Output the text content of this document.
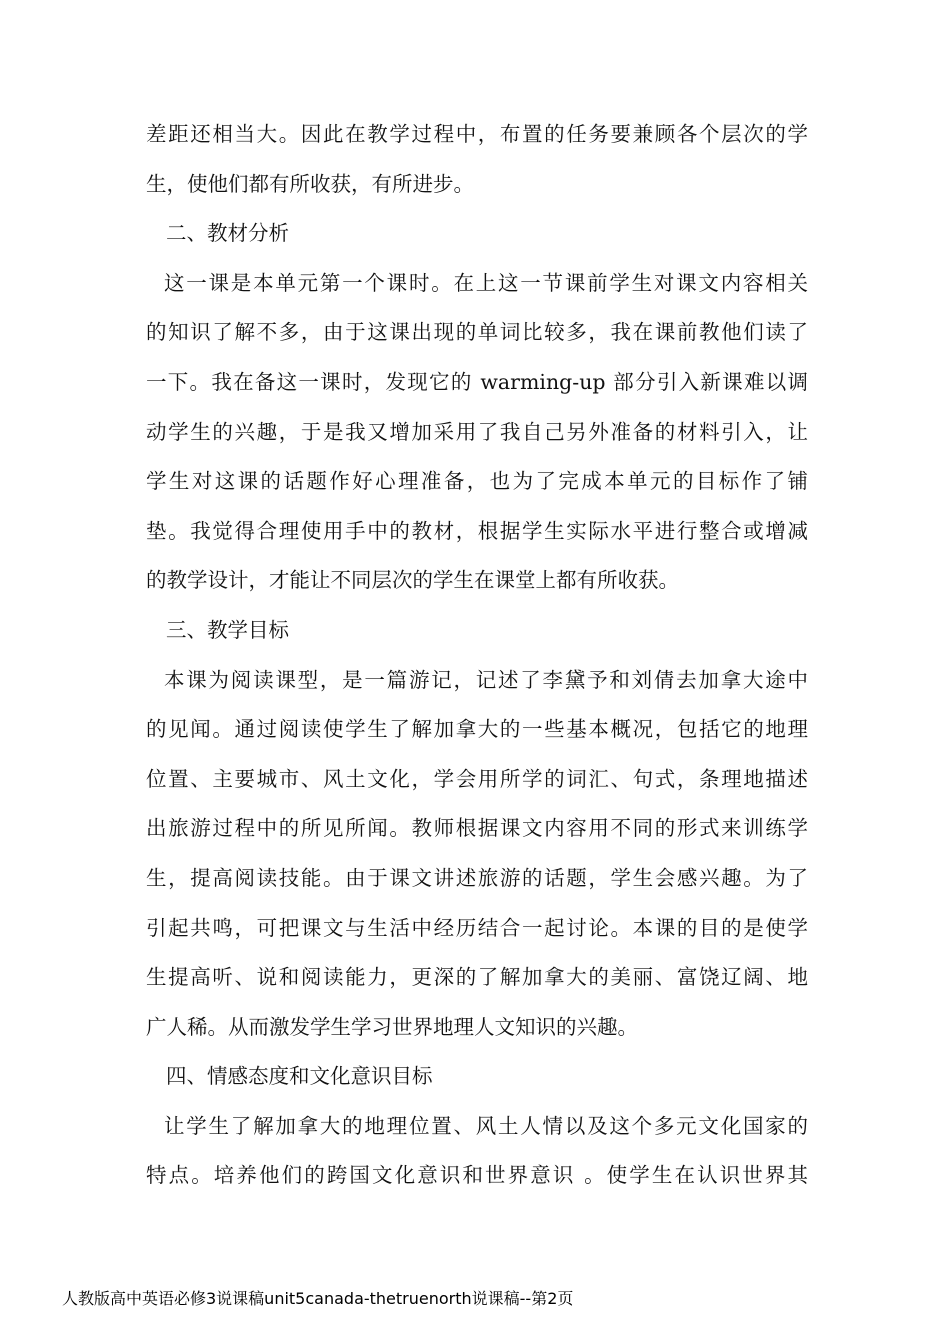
差距还相当大。因此在教学过程中，布置的任务要兼顾各个层次的学
生，使他们都有所收获，有所进步。
二、教材分析
这一课是本单元第一个课时。在上这一节课前学生对课文内容相关
的知识了解不多，由于这课出现的单词比较多，我在课前教他们读了
一下。我在备这一课时，发现它的 warming-up 部分引入新课难以调
动学生的兴趣，于是我又增加采用了我自己另外准备的材料引入，让
学生对这课的话题作好心理准备，也为了完成本单元的目标作了铺
垫。我觉得合理使用手中的教材，根据学生实际水平进行整合或增减
的教学设计，才能让不同层次的学生在课堂上都有所收获。
三、教学目标
本课为阅读课型，是一篇游记，记述了李黛予和刘倩去加拿大途中
的见闻。通过阅读使学生了解加拿大的一些基本概况，包括它的地理
位置、主要城市、风土文化，学会用所学的词汇、句式，条理地描述
出旅游过程中的所见所闻。教师根据课文内容用不同的形式来训练学
生，提高阅读技能。由于课文讲述旅游的话题，学生会感兴趣。为了
引起共鸣，可把课文与生活中经历结合一起讨论。本课的目的是使学
生提高听、说和阅读能力，更深的了解加拿大的美丽、富饶辽阔、地
广人稀。从而激发学生学习世界地理人文知识的兴趣。
四、情感态度和文化意识目标
让学生了解加拿大的地理位置、风土人情以及这个多元文化国家的
特点。培养他们的跨国文化意识和世界意识 。使学生在认识世界其
人教版高中英语必修3说课稿unit5canada-thetruenorth说课稿--第2页
